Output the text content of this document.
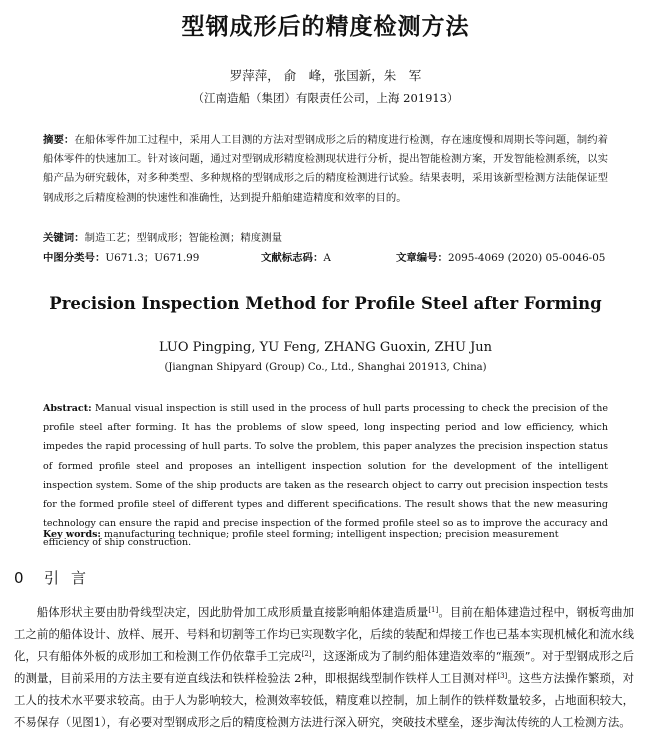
型钢成形后的精度检测方法
罗萍萍， 俞　峰，张国新，朱　军
（江南造船（集团）有限责任公司，上海 201913）
摘要：在船体零件加工过程中，采用人工目测的方法对型钢成形之后的精度进行检测，存在速度慢和周期长等问题，制约着船体零件的快速加工。针对该问题，通过对型钢成形精度检测现状进行分析，提出智能检测方案，开发智能检测系统，以实船产品为研究载体，对多种类型、多种规格的型钢成形之后的精度检测进行试验。结果表明，采用该新型检测方法能保证型钢成形之后精度检测的快速性和准确性，达到提升船舶建造精度和效率的目的。
关键词：制造工艺；型钢成形；智能检测；精度测量
中图分类号：U671.3；U671.99	文献标志码：A	文章编号：2095-4069 (2020) 05-0046-05
Precision Inspection Method for Profile Steel after Forming
LUO Pingping, YU Feng, ZHANG Guoxin, ZHU Jun
(Jiangnan Shipyard (Group) Co., Ltd., Shanghai 201913, China)
Abstract: Manual visual inspection is still used in the process of hull parts processing to check the precision of the profile steel after forming. It has the problems of slow speed, long inspecting period and low efficiency, which impedes the rapid processing of hull parts. To solve the problem, this paper analyzes the precision inspection status of formed profile steel and proposes an intelligent inspection solution for the development of the intelligent inspection system. Some of the ship products are taken as the research object to carry out precision inspection tests for the formed profile steel of different types and different specifications. The result shows that the new measuring technology can ensure the rapid and precise inspection of the formed profile steel so as to improve the accuracy and efficiency of ship construction.
Key words: manufacturing technique; profile steel forming; intelligent inspection; precision measurement
0 引言
船体形状主要由肋骨线型决定，因此肋骨加工成形质量直接影响船体建造质量[1]。目前在船体建造过程中，钢板弯曲加工之前的船体设计、放样、展开、号料和切割等工作均已实现数字化，后续的装配和焊接工作也已基本实现机械化和流水线化，只有船体外板的成形加工和检测工作仍依靠手工完成[2]，这逐渐成为了制约船体建造效率的“瓶颈”。对于型钢成形之后的测量，目前采用的方法主要有逆直线法和铁样检验法 2种，即根据线型制作铁样人工目测对样[3]。这些方法操作繁琐，对工人的技术水平要求较高。由于人为影响较大，检测效率较低，精度难以控制，加上制作的铁样数量较多，占地面积较大，不易保存（见图1），有必要对型钢成形之后的精度检测方法进行深入研究，突破技术壁垒，逐步淘汰传统的人工检测方法。
